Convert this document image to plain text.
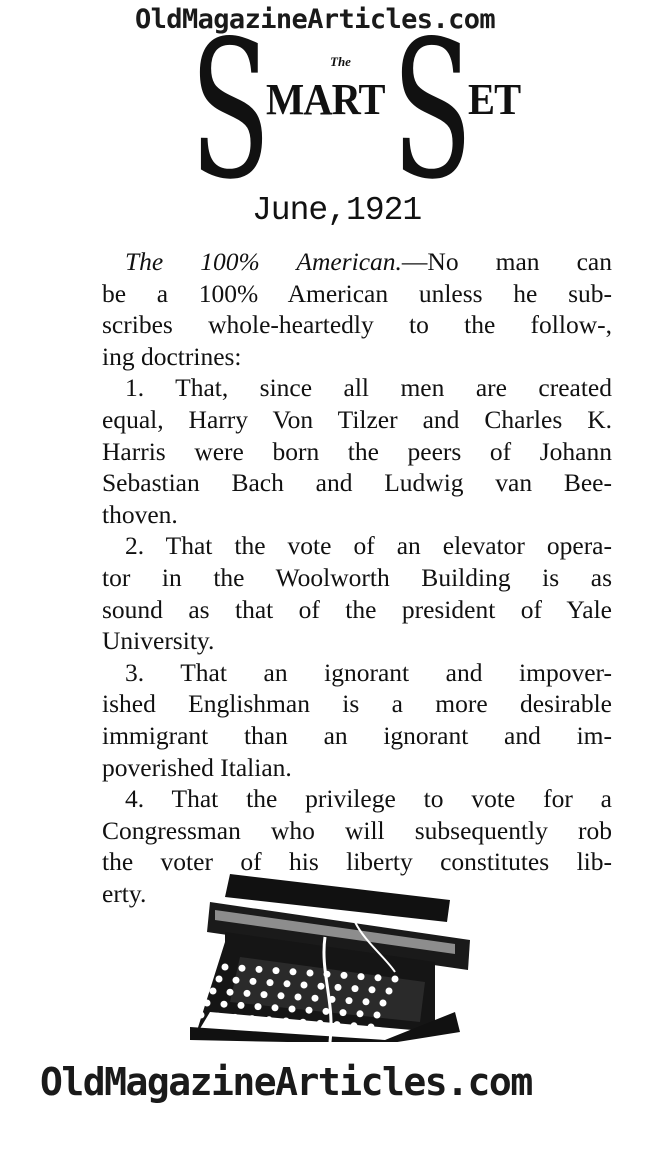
OldMagazineArticles.com
S	The
MART S
ET
June,1921
The 100% American.—No man can
be a 100% American unless he sub-
scribes whole-heartedly to the follow-,
ing doctrines:
1. That, since all men are created
equal, Harry Von Tilzer and Charles K.
Harris were born the peers of Johann
Sebastian Bach and Ludwig van Bee-
thoven.
2. That the vote of an elevator opera-
tor in the Woolworth Building is as
sound as that of the president of Yale
University.
3. That an ignorant and impover-
ished Englishman is a more desirable
immigrant than an ignorant and im-
poverished Italian.
4. That the privilege to vote for a
Congressman who will subsequently rob
the voter of his liberty constitutes lib-
erty.
OldMagazineArticles.com
